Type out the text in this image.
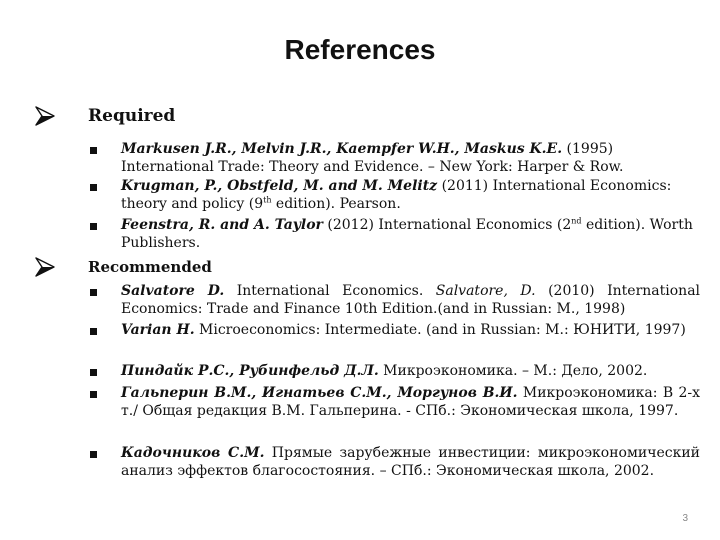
References
Required
Markusen J.R., Melvin J.R., Kaempfer W.H., Maskus K.E. (1995) International Trade: Theory and Evidence. – New York: Harper & Row.
Krugman, P., Obstfeld, M. and M. Melitz (2011) International Economics: theory and policy (9th edition). Pearson.
Feenstra, R. and A. Taylor (2012) International Economics (2nd edition). Worth Publishers.
Recommended
Salvatore D. International Economics. Salvatore, D. (2010) International Economics: Trade and Finance 10th Edition.(and in Russian: M., 1998)
Varian H. Microeconomics: Intermediate. (and in Russian: M.: ЮНИТИ, 1997)
Пиндайк Р.С., Рубинфельд Д.Л. Микроэкономика. – М.: Дело, 2002.
Гальперин В.М., Игнатьев С.М., Моргунов В.И. Микроэкономика: В 2-х т./ Общая редакция В.М. Гальперина. - СПб.: Экономическая школа, 1997.
Кадочников С.М. Прямые зарубежные инвестиции: микроэкономический анализ эффектов благосостояния. – СПб.: Экономическая школа, 2002.
3
